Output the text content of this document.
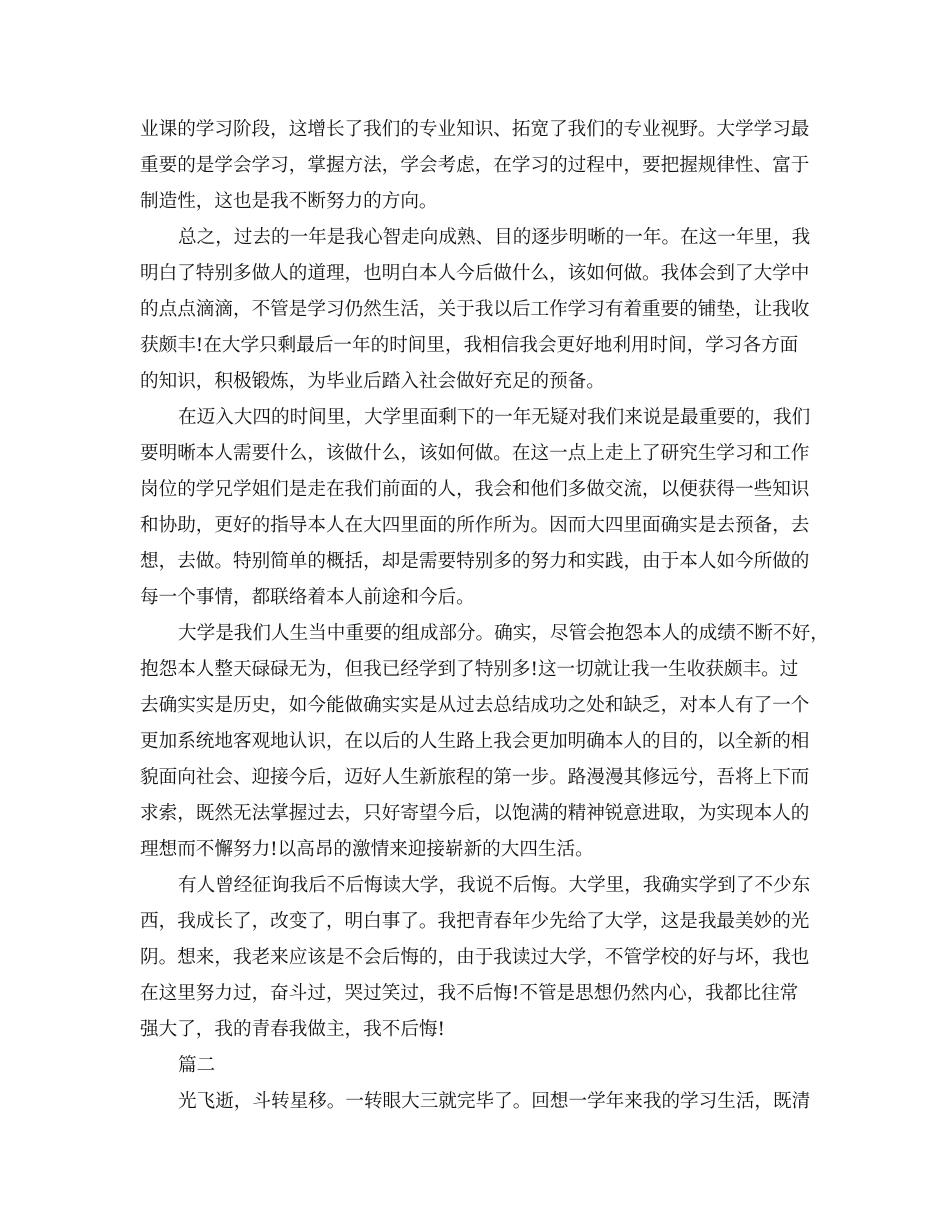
业课的学习阶段，这增长了我们的专业知识、拓宽了我们的专业视野。大学学习最
重要的是学会学习，掌握方法，学会考虑，在学习的过程中，要把握规律性、富于
制造性，这也是我不断努力的方向。
总之，过去的一年是我心智走向成熟、目的逐步明晰的一年。在这一年里，我
明白了特别多做人的道理，也明白本人今后做什么，该如何做。我体会到了大学中
的点点滴滴，不管是学习仍然生活，关于我以后工作学习有着重要的铺垫，让我收
获颇丰!在大学只剩最后一年的时间里，我相信我会更好地利用时间，学习各方面
的知识，积极锻炼，为毕业后踏入社会做好充足的预备。
在迈入大四的时间里，大学里面剩下的一年无疑对我们来说是最重要的，我们
要明晰本人需要什么，该做什么，该如何做。在这一点上走上了研究生学习和工作
岗位的学兄学姐们是走在我们前面的人，我会和他们多做交流，以便获得一些知识
和协助，更好的指导本人在大四里面的所作所为。因而大四里面确实是去预备，去
想，去做。特别简单的概括，却是需要特别多的努力和实践，由于本人如今所做的
每一个事情，都联络着本人前途和今后。
大学是我们人生当中重要的组成部分。确实，尽管会抱怨本人的成绩不断不好，
抱怨本人整天碌碌无为，但我已经学到了特别多!这一切就让我一生收获颇丰。过
去确实实是历史，如今能做确实实是从过去总结成功之处和缺乏，对本人有了一个
更加系统地客观地认识，在以后的人生路上我会更加明确本人的目的，以全新的相
貌面向社会、迎接今后，迈好人生新旅程的第一步。路漫漫其修远兮，吾将上下而
求索，既然无法掌握过去，只好寄望今后，以饱满的精神锐意进取，为实现本人的
理想而不懈努力!以高昂的激情来迎接崭新的大四生活。
有人曾经征询我后不后悔读大学，我说不后悔。大学里，我确实学到了不少东
西，我成长了，改变了，明白事了。我把青春年少先给了大学，这是我最美妙的光
阴。想来，我老来应该是不会后悔的，由于我读过大学，不管学校的好与坏，我也
在这里努力过，奋斗过，哭过笑过，我不后悔!不管是思想仍然内心，我都比往常
强大了，我的青春我做主，我不后悔!
篇二
光飞逝，斗转星移。一转眼大三就完毕了。回想一学年来我的学习生活，既清
